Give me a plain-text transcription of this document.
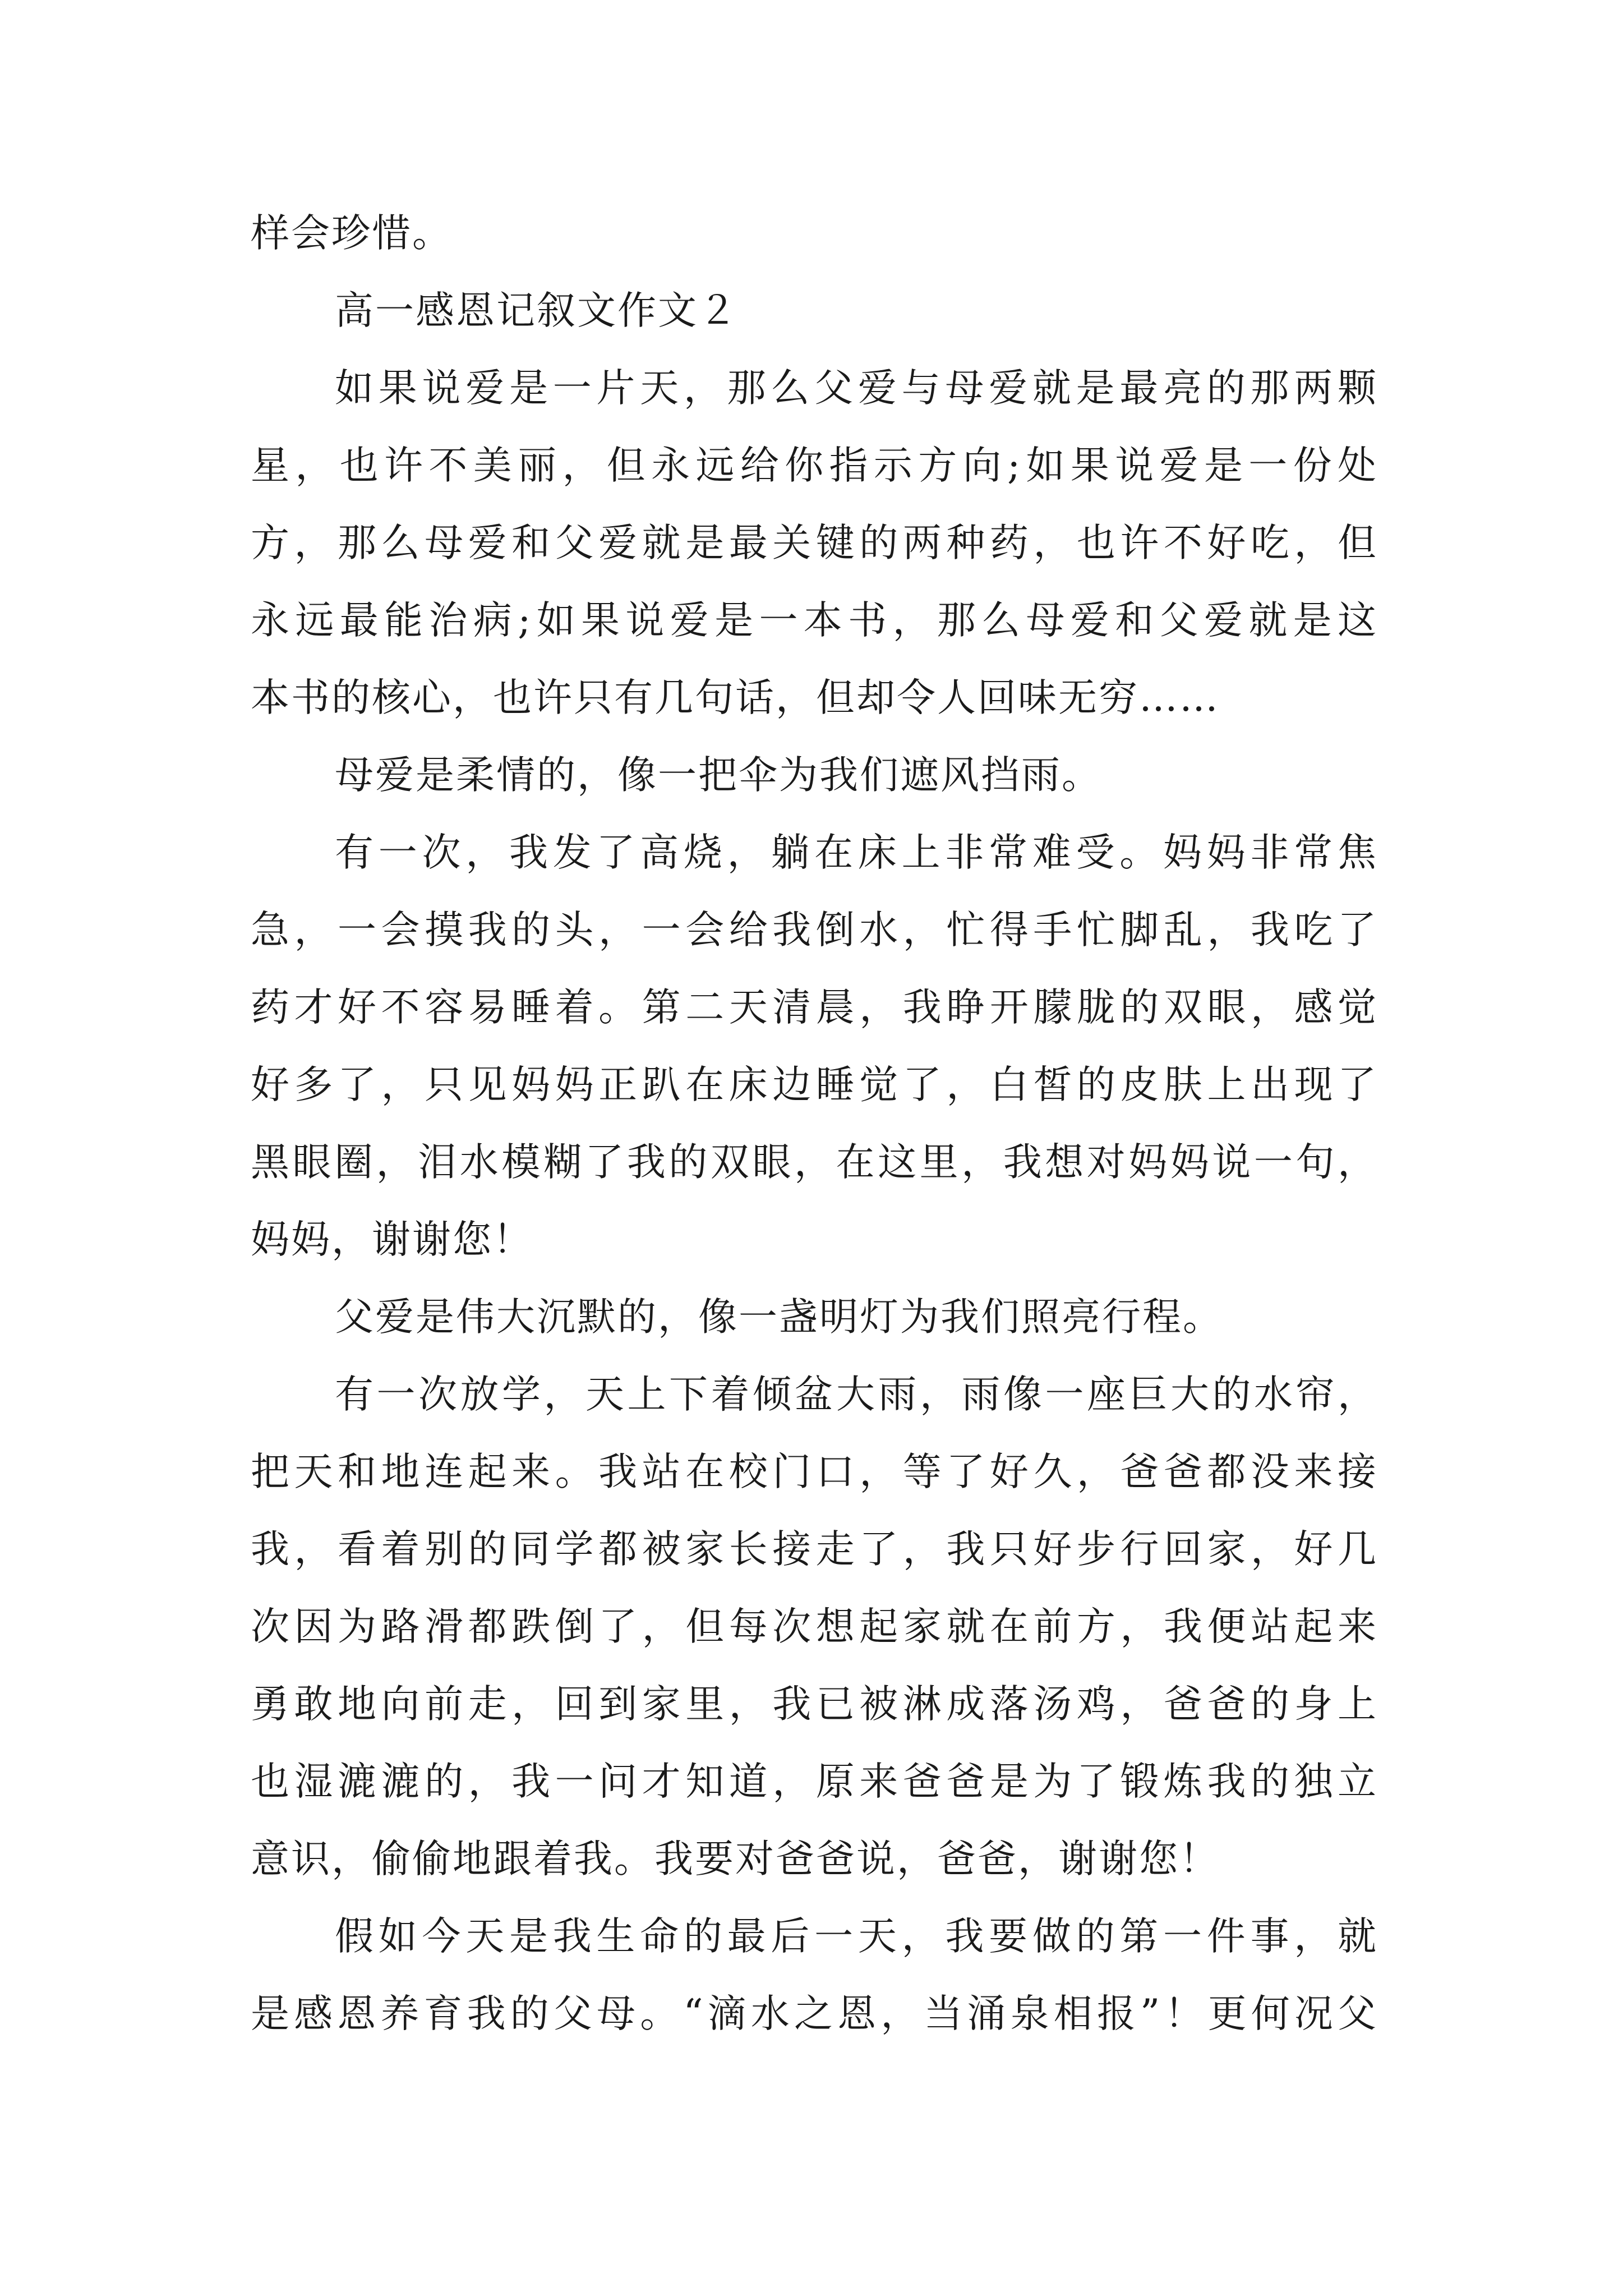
样会珍惜。
高一感恩记叙文作文２
如果说爱是一片天，那么父爱与母爱就是最亮的那两颗
星，也许不美丽，但永远给你指示方向;如果说爱是一份处
方，那么母爱和父爱就是最关键的两种药，也许不好吃，但
永远最能治病;如果说爱是一本书，那么母爱和父爱就是这
本书的核心，也许只有几句话，但却令人回味无穷……
母爱是柔情的，像一把伞为我们遮风挡雨。
有一次，我发了高烧，躺在床上非常难受。妈妈非常焦
急，一会摸我的头，一会给我倒水，忙得手忙脚乱，我吃了
药才好不容易睡着。第二天清晨，我睁开朦胧的双眼，感觉
好多了，只见妈妈正趴在床边睡觉了，白皙的皮肤上出现了
黑眼圈，泪水模糊了我的双眼，在这里，我想对妈妈说一句，
妈妈，谢谢您！
父爱是伟大沉默的，像一盏明灯为我们照亮行程。
有一次放学，天上下着倾盆大雨，雨像一座巨大的水帘，
把天和地连起来。我站在校门口，等了好久，爸爸都没来接
我，看着别的同学都被家长接走了，我只好步行回家，好几
次因为路滑都跌倒了，但每次想起家就在前方，我便站起来
勇敢地向前走，回到家里，我已被淋成落汤鸡，爸爸的身上
也湿漉漉的，我一问才知道，原来爸爸是为了锻炼我的独立
意识，偷偷地跟着我。我要对爸爸说，爸爸，谢谢您！
假如今天是我生命的最后一天，我要做的第一件事，就
是感恩养育我的父母。“滴水之恩，当涌泉相报”！更何况父
